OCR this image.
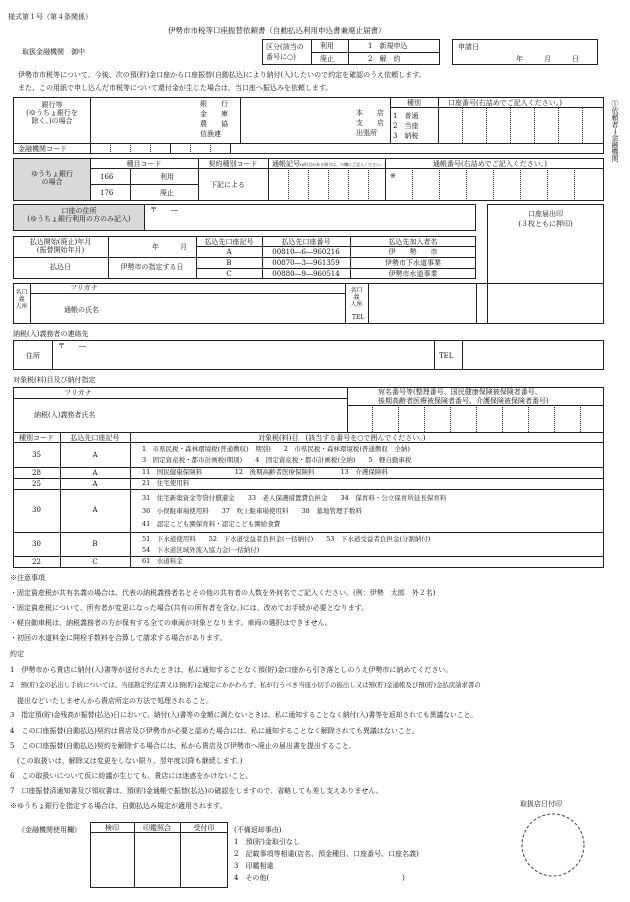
様式第１号（第４条関係）
伊勢市市税等口座振替依頼書（自動払込利用申込書兼廃止届書）
取扱金融機関　御中
区分(該当の
番号に○)
利用	1　新規申込
廃止	2　解　約
申請日
年　　　月　　　日
伊勢市市税等について、今後、次の預(貯)金口座から口座振替(自動払込)により納付(入)したいので約定を確認のうえ依頼します。
また、この用紙で申し込んだ市税等について還付金が生じた場合は、当口座へ振込みを依頼します。
銀行等
(ゆうちょ銀行を
除く。)の場合
銀　　行
金　　庫
農　　協
信漁連
本　　店
支　　店
出張所
種別
1　普通
2　当座
3　納税
口座番号(右詰めでご記入ください。)
金融機関コード	①依頼者→金融機関
ゆうちょ銀行
の場合
種目コード	契約種別コード	通帳記号(6桁目がある場合は、※欄にご記入ください。)	通帳番号(右詰めでご記入ください。)
166	利用
176	廃止
下記による
※
口座の住所
(ゆうちょ銀行利用の方のみ記入)
〒　　―	口座届出印
(３枚ともに押印)
払込開始(廃止)年月
(振替開始年月)	年　　　月
払込日	伊勢市の指定する日
払込先口座記号	払込先口座番号	払込先加入者名
A	00810―6―960216	伊　　勢　　市
B	00870―3―961359	伊勢市下水道事業
C	00880―9―960514	伊勢市水道事業
名口
義
人座
フリガナ
通帳の氏名
名口
義
人座
TEL
納税(入)義務者の連絡先
住所
〒　　―
TEL
対象税(料)目及び納付指定
フリガナ
納税(入)義務者氏名
宛名番号等(整理番号、国民健康保険被保険者番号、
後期高齢者医療被保険者番号、介護保険被保険者番号)
種別コード	払込先口座記号	対象税(料)目　(該当する番号を○で囲んでください。)
35	A
1　市県民税・森林環境税(普通徴収)　期別)　　2　市県民税・森林環境税(普通徴収　全納)
3　固定資産税・都市計画税(期別)　　4　固定資産税・都市計画税(全納)　　5　軽自動車税
28	A	11　国民健康保険料　　　　　12　後期高齢者医療保険料　　　　13　介護保険料
25	A	21　住宅使用料
30	A
31　住宅新築資金等貸付償還金　　33　老人保護措置費負担金　　34　保育料・公立保育所延長保育料
36　小俣駐車場使用料　　37　吹上駐車場使用料　　38　墓地管理手数料
41　認定こども園保育料・認定こども園給食費
30	B
51　下水道使用料　　52　下水道受益者負担金(一括納付)　　53　下水道受益者負担金(分割納付)
54　下水道区域外流入協力金(一括納付)
22	C	61　水道料金
※注意事項
・固定資産税が共有名義の場合は、代表の納税義務者名とその他の共有者の人数を外何名でご記入ください。(例：伊勢　太郎　外２名)
・固定資産税について、所有者が変更になった場合(共有の所有者を含む。)には、改めてお手続が必要となります。
・軽自動車税は、納税義務者の方が保有する全ての車両が対象となります。車両の選択はできません。
・初回の水道料金に開栓手数料を合算して請求する場合があります。
約定
1　伊勢市から貴店に納付(入)書等が送付されたときは、私に通知することなく預(貯)金口座から引き落としのうえ伊勢市に納めてください。
2　預(貯)金の払出し手続については、当座勘定約定書又は預(貯)金規定にかかわらず、私が行うべき当座小切手の振出し又は預(貯)金通帳及び預(貯)金払戻請求書の
　提出などいたしませんから貴店所定の方法で処理されること。
3　指定預(貯)金残高が振替(払込)日において、納付(入)書等の金額に満たないときは、私に通知することなく納付(入)書等を返却されても異議ないこと。
4　この口座振替(自動払込)契約は貴店及び伊勢市が必要と認めた場合には、私に通知することなく解除されても異議はないこと。
5　この口座振替(自動払込)契約を解除する場合には、私から貴店及び伊勢市へ廃止の届出書を提出すること。
　(この取扱いは、解除又は変更をしない限り、翌年度以降も継続します。)
6　この取扱いについて仮に紛議が生じても、貴店には迷惑をかけないこと。
7　口座振替済通知書及び領収書は、預(貯)金通帳で振替(払込)の確認をしますので、省略しても差し支えありません。
※ゆうちょ銀行を指定する場合は、自動払込み規定が適用されます。
《金融機関使用欄》	検印	印鑑照合	受付印	(不備返却事由)
1　預(貯)金取引なし
2　記載事項等相違(店名、預金種目、口座番号、口座名義)
3　印鑑相違
4　その他(　　　　　　　　　　　　　　　　　　　)
取扱店日付印
